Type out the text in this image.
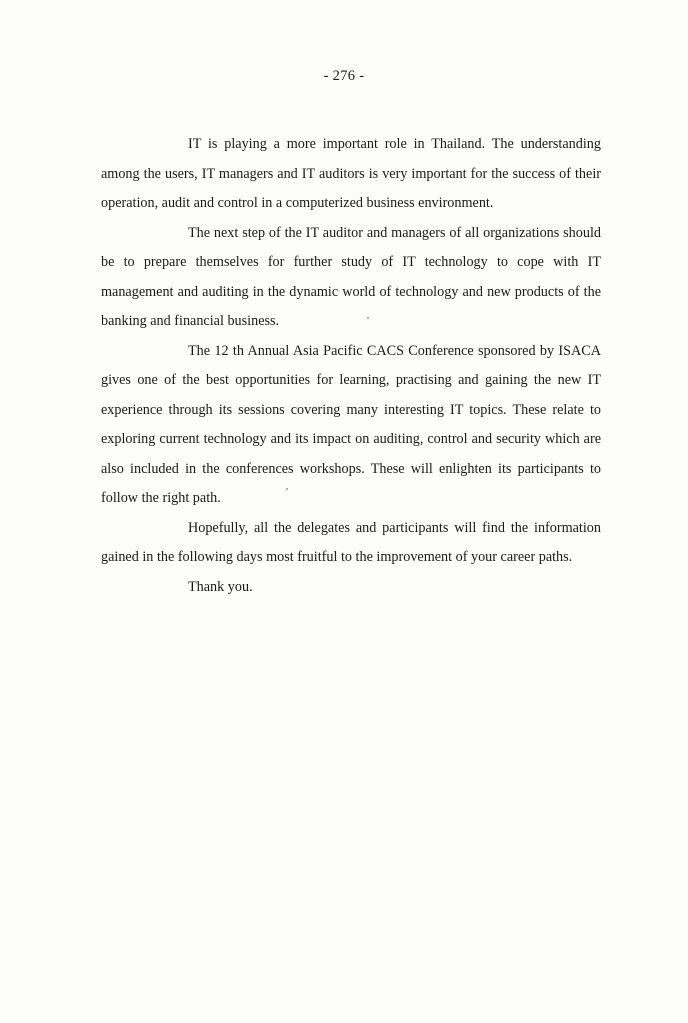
- 276 -

IT is playing a more important role in Thailand. The understanding among the users, IT managers and IT auditors is very important for the success of their operation, audit and control in a computerized business environment.

The next step of the IT auditor and managers of all organizations should be to prepare themselves for further study of IT technology to cope with IT management and auditing in the dynamic world of technology and new products of the banking and financial business.

The 12 th Annual Asia Pacific CACS Conference sponsored by ISACA gives one of the best opportunities for learning, practising and gaining the new IT experience through its sessions covering many interesting IT topics. These relate to exploring current technology and its impact on auditing, control and security which are also included in the conferences workshops. These will enlighten its participants to follow the right path.

Hopefully, all the delegates and participants will find the information gained in the following days most fruitful to the improvement of your career paths.

Thank you.
